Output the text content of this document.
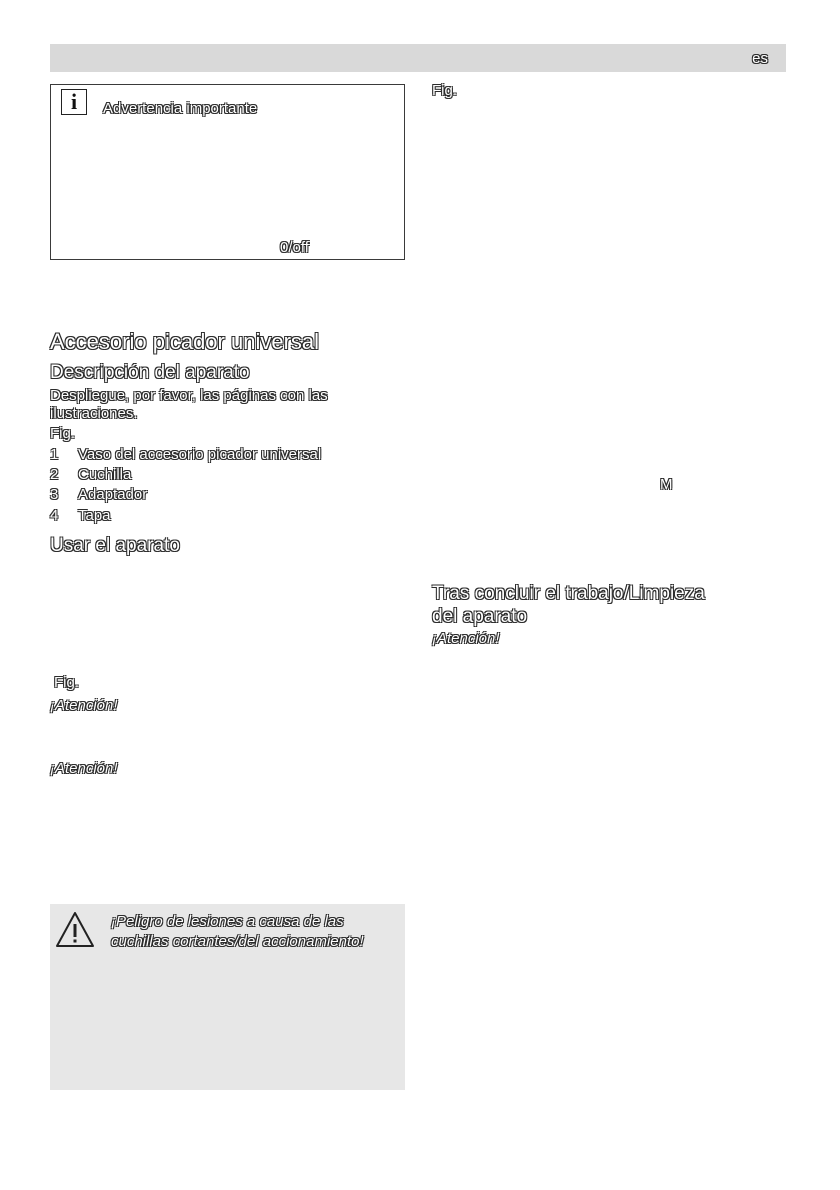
es
i	Advertencia importante
0/off
Accesorio picador universal
Descripción del aparato
Despliegue, por favor, las páginas con las
ilustraciones.
Fig.
1 Vaso del accesorio picador universal
2 Cuchilla
3 Adaptador
4 Tapa
Usar el aparato
Fig.
¡Atención!
¡Atención!
¡Peligro de lesiones a causa de las
cuchillas cortantes/del accionamiento!
Fig.
M
Tras concluir el trabajo/Limpieza
del aparato
¡Atención!
